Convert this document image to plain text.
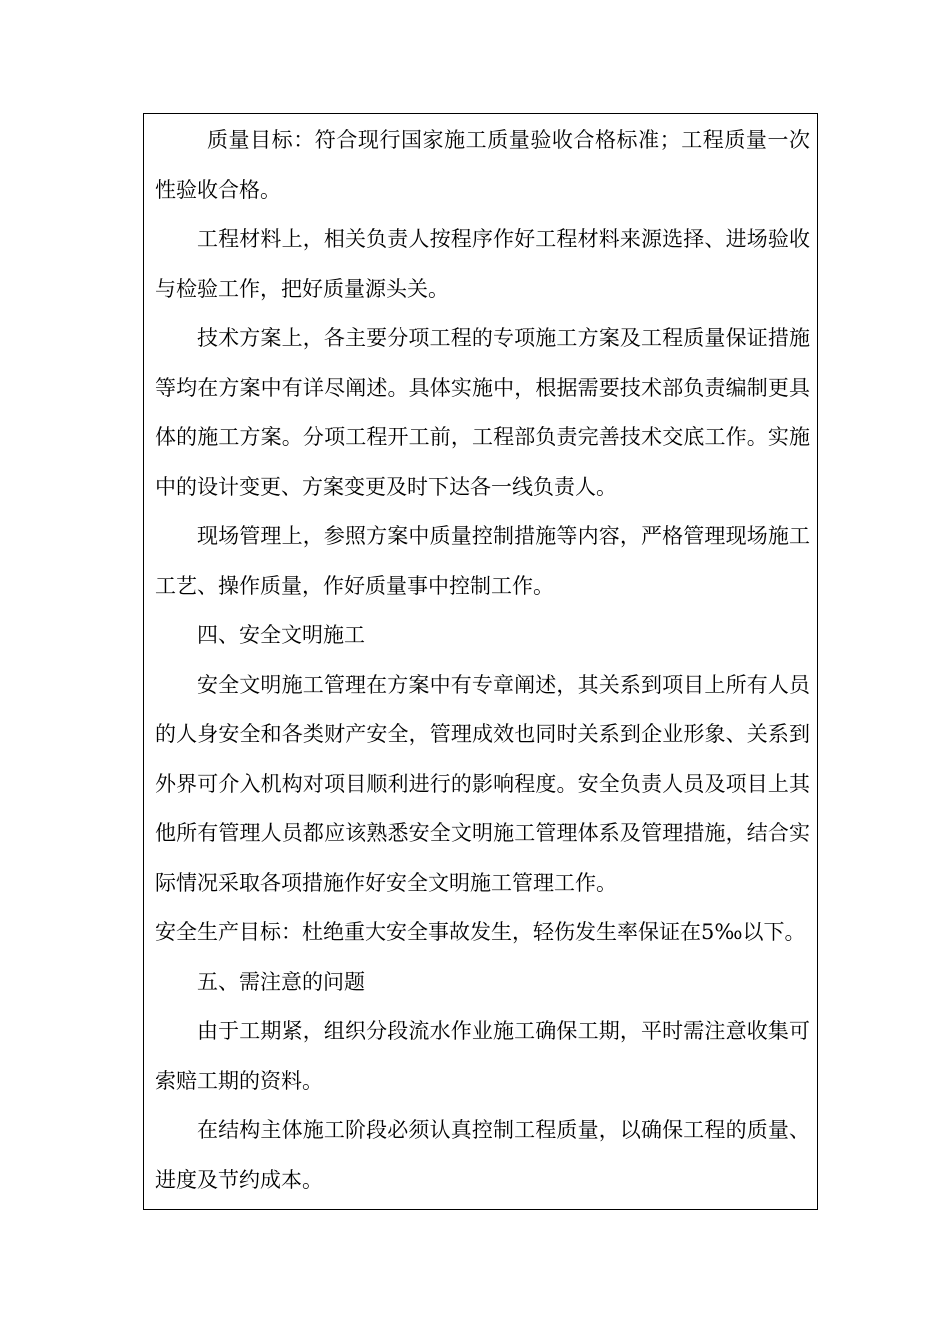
质量目标：符合现行国家施工质量验收合格标准；工程质量一次性验收合格。

工程材料上，相关负责人按程序作好工程材料来源选择、进场验收与检验工作，把好质量源头关。

技术方案上，各主要分项工程的专项施工方案及工程质量保证措施等均在方案中有详尽阐述。具体实施中，根据需要技术部负责编制更具体的施工方案。分项工程开工前，工程部负责完善技术交底工作。实施中的设计变更、方案变更及时下达各一线负责人。

现场管理上，参照方案中质量控制措施等内容，严格管理现场施工工艺、操作质量，作好质量事中控制工作。

四、安全文明施工

安全文明施工管理在方案中有专章阐述，其关系到项目上所有人员的人身安全和各类财产安全，管理成效也同时关系到企业形象、关系到外界可介入机构对项目顺利进行的影响程度。安全负责人员及项目上其他所有管理人员都应该熟悉安全文明施工管理体系及管理措施，结合实际情况采取各项措施作好安全文明施工管理工作。

安全生产目标：杜绝重大安全事故发生，轻伤发生率保证在5‰以下。

五、需注意的问题

由于工期紧，组织分段流水作业施工确保工期，平时需注意收集可索赔工期的资料。

在结构主体施工阶段必须认真控制工程质量，以确保工程的质量、进度及节约成本。
